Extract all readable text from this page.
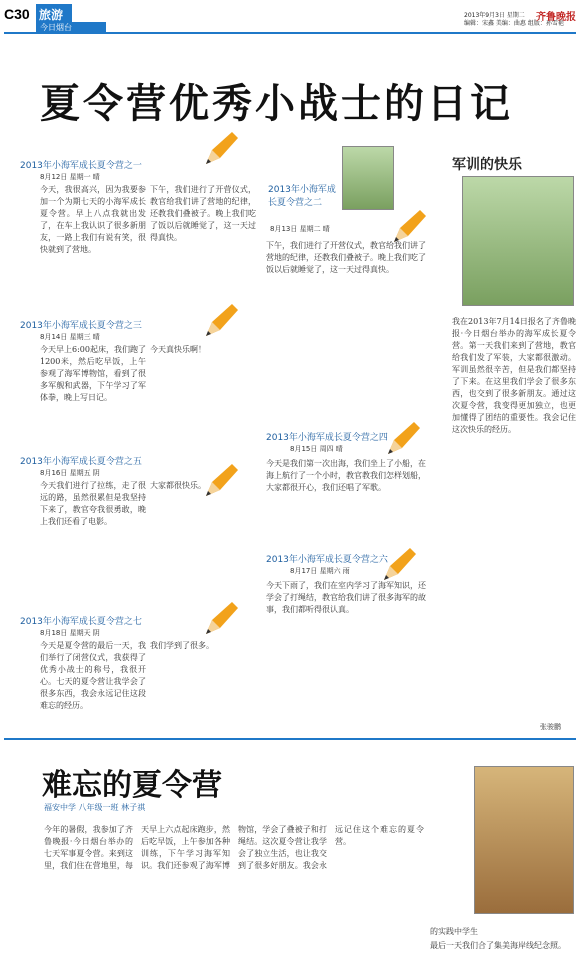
C30 旅游
今日烟台
2013年9月3日 星期二
编辑：宋鑫 美编：曲惠 组版：孙雪艳
齐鲁晚报
夏令营优秀小战士的日记
2013年小海军成长夏令营之一
8月12日 星期一 晴
今天，我很高兴，因为我要参加一个为期七天的小海军成长夏令营。早上八点我就出发了，在车上我认识了很多新朋友，一路上我们有说有笑，很快就到了营地。
下午，我们进行了开营仪式，教官给我们讲了营地的纪律，还教我们叠被子。晚上我们吃了饭以后就睡觉了，这一天过得真快。
2013年小海军成长夏令营之三
8月14日 星期三 晴
今天早上6:00起床，我们跑了1200米，然后吃早饭，上午参观了海军博物馆，看到了很多军舰和武器，下午学习了军体拳，晚上写日记。
今天真快乐啊！
2013年小海军成长夏令营之五
8月16日 星期五 阴
今天我们进行了拉练，走了很远的路，虽然很累但是我坚持下来了，教官夸我很勇敢，晚上我们还看了电影。
大家都很快乐。
2013年小海军成长夏令营之七
8月18日 星期天 阴
今天是夏令营的最后一天，我们举行了闭营仪式，我获得了优秀小战士的称号，我很开心。七天的夏令营让我学会了很多东西，我会永远记住这段难忘的经历。
我们学到了很多。
2013年小海军成长夏令营之二
8月13日 星期二 晴
下午，我们进行了开营仪式，教官给我们讲了营地的纪律，还教我们叠被子。晚上我们吃了饭以后就睡觉了，这一天过得真快。
2013年小海军成长夏令营之四
8月15日 周四 晴
今天是我们第一次出海，我们坐上了小船，在海上航行了一个小时，教官教我们怎样划船，大家都很开心，我们还唱了军歌。
2013年小海军成长夏令营之六
8月17日 星期六 雨
今天下雨了，我们在室内学习了海军知识，还学会了打绳结，教官给我们讲了很多海军的故事，我们都听得很认真。
军训的快乐
我在2013年7月14日报名了齐鲁晚报·今日烟台举办的海军成长夏令营。第一天我们来到了营地，教官给我们发了军装，大家都很激动。军训虽然很辛苦，但是我们都坚持了下来。在这里我们学会了很多东西，也交到了很多新朋友。通过这次夏令营，我变得更加独立，也更加懂得了团结的重要性。我会记住这次快乐的经历。
张骏鹏
难忘的夏令营
福安中学 八年级一班 林子祺
今年的暑假，我参加了齐鲁晚报·今日烟台举办的七天军事夏令营。来到这里，我们住在营地里，每天早上六点起床跑步，然后吃早饭，上午参加各种训练，下午学习海军知识。我们还参观了海军博物馆，学会了叠被子和打绳结。这次夏令营让我学会了独立生活，也让我交到了很多好朋友。我会永远记住这个难忘的夏令营。
的实践中学生
最后一天我们合了集美海岸线纪念照。
